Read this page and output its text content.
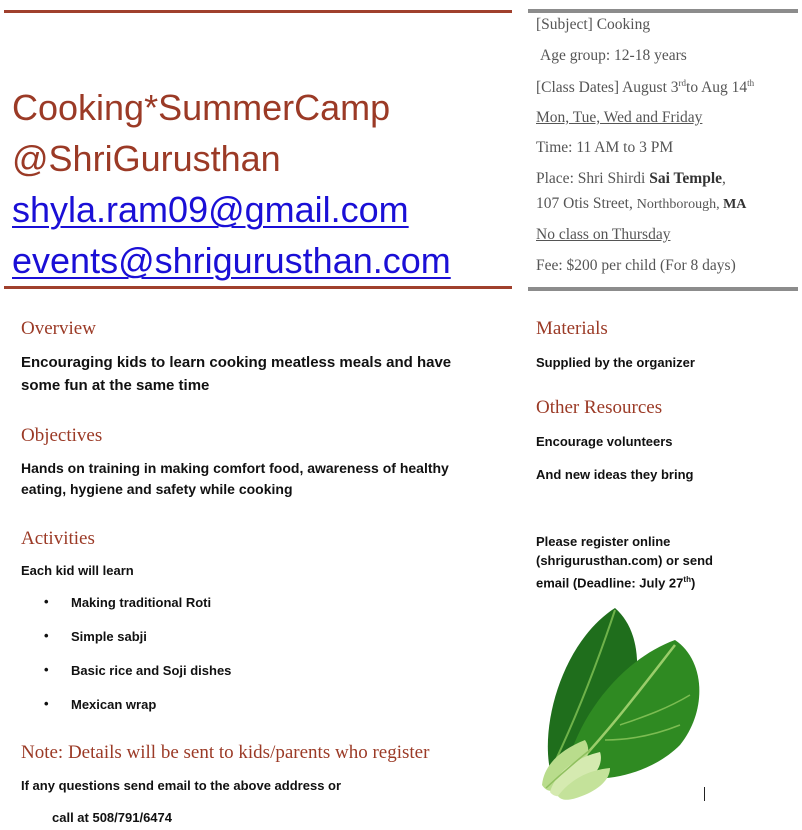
Cooking*SummerCamp
@ShriGurusthan
shyla.ram09@gmail.com
events@shrigurusthan.com
[Subject] Cooking
Age group: 12-18 years
[Class Dates] August 3rdto Aug 14th
Mon, Tue, Wed and Friday
Time: 11 AM to 3 PM
Place: Shri Shirdi Sai Temple,
107 Otis Street, Northborough, MA
No class on Thursday
Fee: $200 per child (For 8 days)
Overview
Encouraging kids to learn cooking meatless meals and have some fun at the same time
Objectives
Hands on training in making comfort food, awareness of healthy eating, hygiene and safety while cooking
Activities
Each kid will learn
• Making traditional Roti
• Simple sabji
• Basic rice and Soji dishes
• Mexican wrap
Note: Details will be sent to kids/parents who register
If any questions send email to the above address or
call at 508/791/6474
Materials
Supplied by the organizer
Other Resources
Encourage volunteers
And new ideas they bring
Please register online
(shrigurusthan.com) or send
email (Deadline: July 27th)
